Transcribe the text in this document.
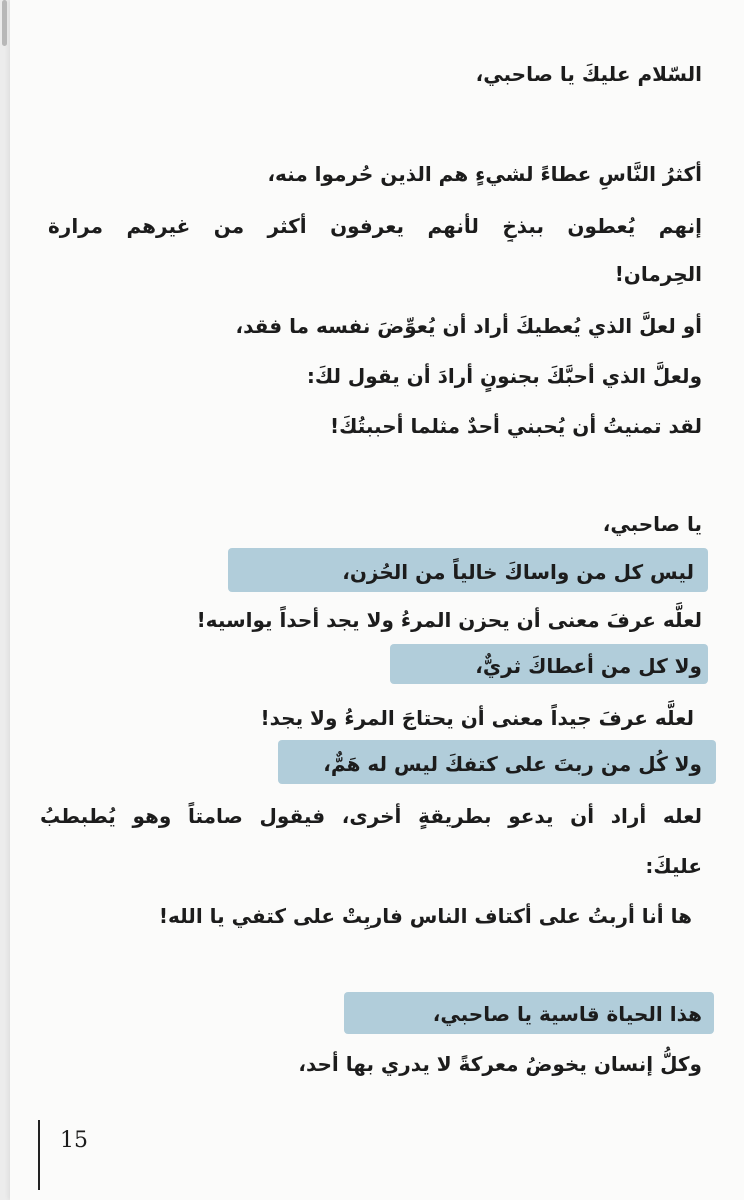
السّلام عليكَ يا صاحبي،
أكثرُ النَّاسِ عطاءً لشيءٍ هم الذين حُرموا منه،
إنهم يُعطون ببذخٍ لأنهم يعرفون أكثر من غيرهم مرارة
الحِرمان!
أو لعلَّ الذي يُعطيكَ أراد أن يُعوِّضَ نفسه ما فقد،
ولعلَّ الذي أحبَّكَ بجنونٍ أرادَ أن يقول لكَ:
لقد تمنيتُ أن يُحبني أحدٌ مثلما أحببتُكَ!
يا صاحبي،
ليس كل من واساكَ خالياً من الحُزن،
لعلَّه عرفَ معنى أن يحزن المرءُ ولا يجد أحداً يواسيه!
ولا كل من أعطاكَ ثريٌّ،
لعلَّه عرفَ جيداً معنى أن يحتاجَ المرءُ ولا يجد!
ولا كُل من ربتَ على كتفكَ ليس له هَمٌّ،
لعله أراد أن يدعو بطريقةٍ أخرى، فيقول صامتاً وهو يُطبطبُ
عليكَ:
ها أنا أربتُ على أكتاف الناس فاربِتْ على كتفي يا الله!
هذا الحياة قاسية يا صاحبي،
وكلُّ إنسان يخوضُ معركةً لا يدري بها أحد،
15
